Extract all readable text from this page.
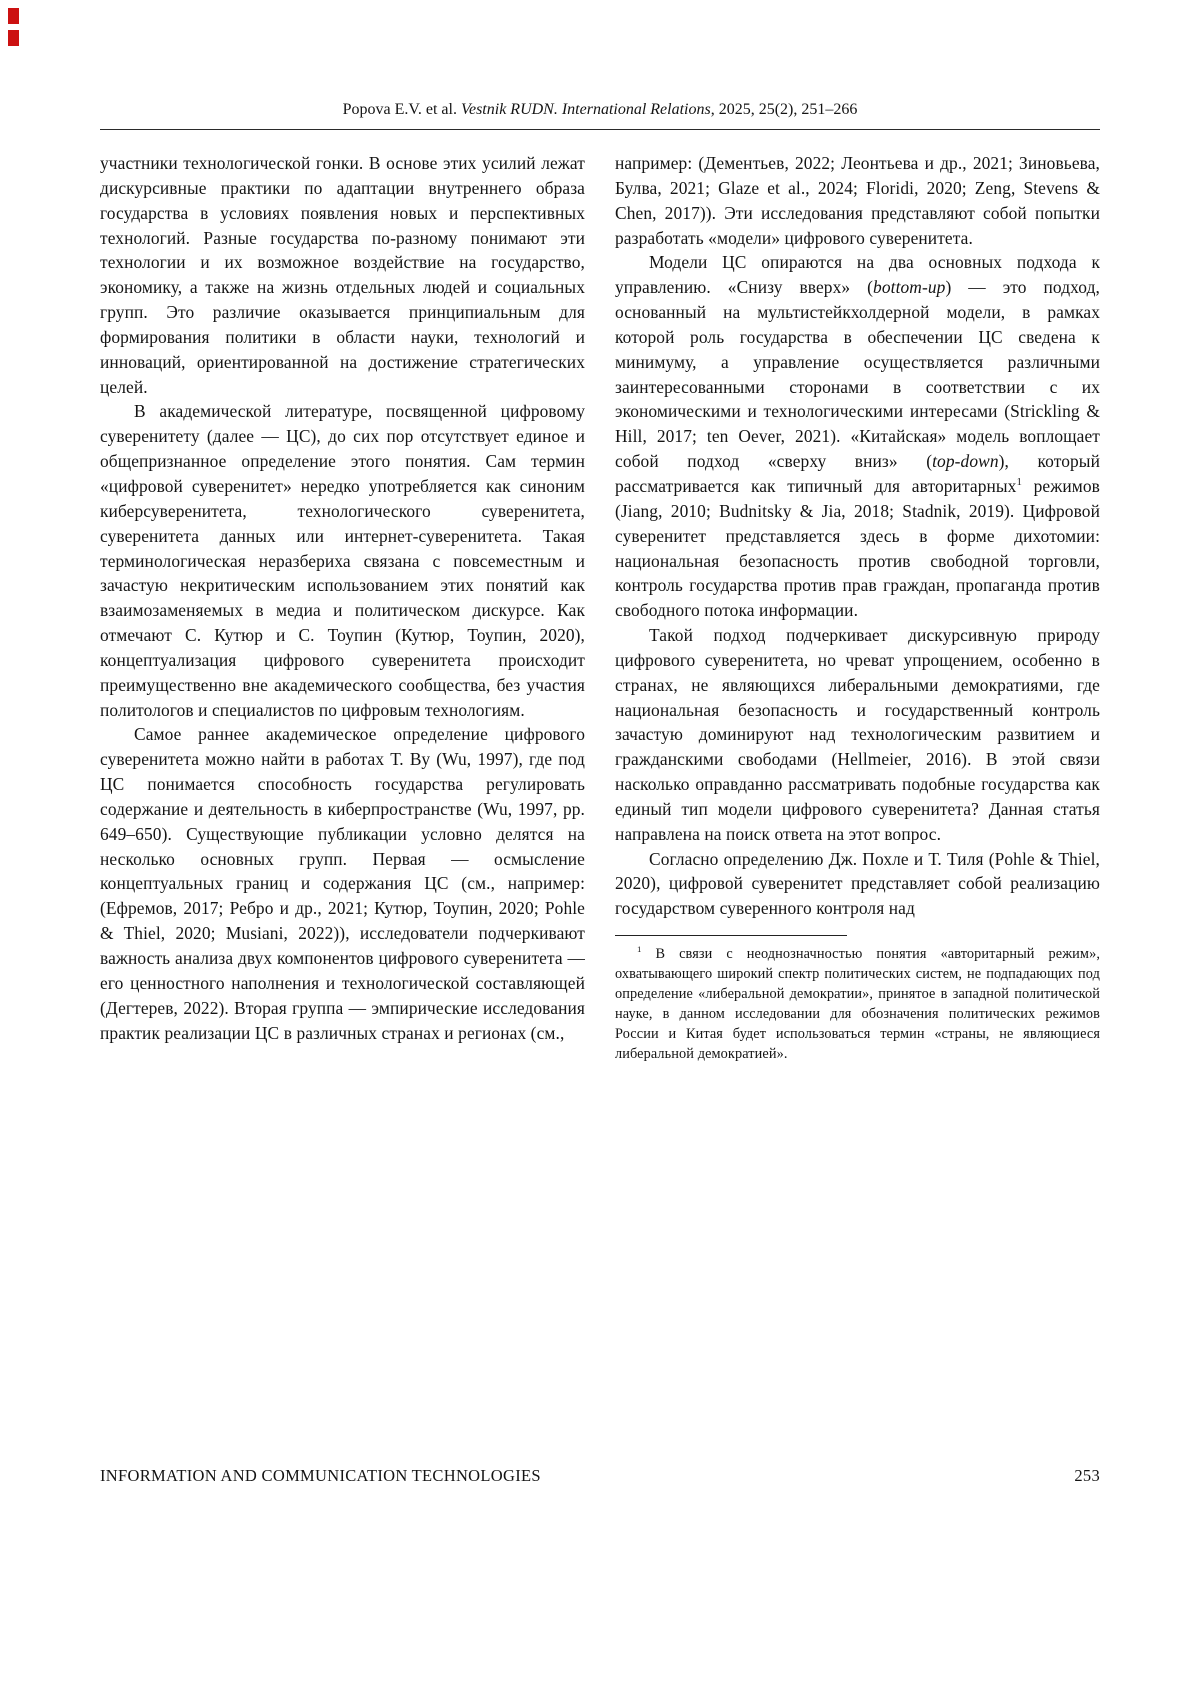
Popova E.V. et al. Vestnik RUDN. International Relations, 2025, 25(2), 251–266

участники технологической гонки. В основе этих усилий лежат дискурсивные практики по адаптации внутреннего образа государства в условиях появления новых и перспективных технологий. Разные государства по-разному понимают эти технологии и их возможное воздействие на государство, экономику, а также на жизнь отдельных людей и социальных групп. Это различие оказывается принципиальным для формирования политики в области науки, технологий и инноваций, ориентированной на достижение стратегических целей.

В академической литературе, посвященной цифровому суверенитету (далее — ЦС), до сих пор отсутствует единое и общепризнанное определение этого понятия. Сам термин «цифровой суверенитет» нередко употребляется как синоним киберсуверенитета, технологического суверенитета, суверенитета данных или интернет-суверенитета. Такая терминологическая неразбериха связана с повсеместным и зачастую некритическим использованием этих понятий как взаимозаменяемых в медиа и политическом дискурсе. Как отмечают С. Кутюр и С. Тоупин (Кутюр, Тоупин, 2020), концептуализация цифрового суверенитета происходит преимущественно вне академического сообщества, без участия политологов и специалистов по цифровым технологиям.

Самое раннее академическое определение цифрового суверенитета можно найти в работах Т. Ву (Wu, 1997), где под ЦС понимается способность государства регулировать содержание и деятельность в киберпространстве (Wu, 1997, pp. 649–650). Существующие публикации условно делятся на несколько основных групп. Первая — осмысление концептуальных границ и содержания ЦС (см., например: (Ефремов, 2017; Ребро и др., 2021; Кутюр, Тоупин, 2020; Pohle & Thiel, 2020; Musiani, 2022)), исследователи подчеркивают важность анализа двух компонентов цифрового суверенитета — его ценностного наполнения и технологической составляющей (Дегтерев, 2022). Вторая группа — эмпирические исследования практик реализации ЦС в различных странах и регионах (см.,

например: (Дементьев, 2022; Леонтьева и др., 2021; Зиновьева, Булва, 2021; Glaze et al., 2024; Floridi, 2020; Zeng, Stevens & Chen, 2017)). Эти исследования представляют собой попытки разработать «модели» цифрового суверенитета.

Модели ЦС опираются на два основных подхода к управлению. «Снизу вверх» (bottom-up) — это подход, основанный на мультистейкхолдерной модели, в рамках которой роль государства в обеспечении ЦС сведена к минимуму, а управление осуществляется различными заинтересованными сторонами в соответствии с их экономическими и технологическими интересами (Strickling & Hill, 2017; ten Oever, 2021). «Китайская» модель воплощает собой подход «сверху вниз» (top-down), который рассматривается как типичный для авторитарных$^1$ режимов (Jiang, 2010; Budnitsky & Jia, 2018; Stadnik, 2019). Цифровой суверенитет представляется здесь в форме дихотомии: национальная безопасность против свободной торговли, контроль государства против прав граждан, пропаганда против свободного потока информации.

Такой подход подчеркивает дискурсивную природу цифрового суверенитета, но чреват упрощением, особенно в странах, не являющихся либеральными демократиями, где национальная безопасность и государственный контроль зачастую доминируют над технологическим развитием и гражданскими свободами (Hellmeier, 2016). В этой связи насколько оправданно рассматривать подобные государства как единый тип модели цифрового суверенитета? Данная статья направлена на поиск ответа на этот вопрос.

Согласно определению Дж. Похле и Т. Тиля (Pohle & Thiel, 2020), цифровой суверенитет представляет собой реализацию государством суверенного контроля над

$^1$ В связи с неоднозначностью понятия «авторитарный режим», охватывающего широкий спектр политических систем, не подпадающих под определение «либеральной демократии», принятое в западной политической науке, в данном исследовании для обозначения политических режимов России и Китая будет использоваться термин «страны, не являющиеся либеральной демократией».

INFORMATION AND COMMUNICATION TECHNOLOGIES	253
